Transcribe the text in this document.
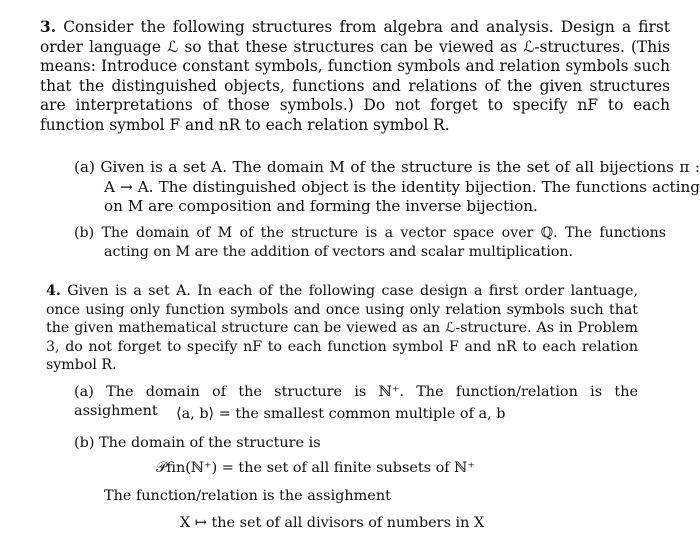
3. Consider the following structures from algebra and analysis. Design a first order language ℒ so that these structures can be viewed as ℒ-structures. (This means: Introduce constant symbols, function symbols and relation symbols such that the distinguished objects, functions and relations of the given structures are interpretations of those symbols.) Do not forget to specify nF to each function symbol F and nR to each relation symbol R.

(a) Given is a set A. The domain M of the structure is the set of all bijections π : A → A. The distinguished object is the identity bijection. The functions acting on M are composition and forming the inverse bijection.

(b) The domain of M of the structure is a vector space over ℚ. The functions acting on M are the addition of vectors and scalar multiplication.

4. Given is a set A. In each of the following case design a first order lantuage, once using only function symbols and once using only relation symbols such that the given mathematical structure can be viewed as an ℒ-structure. As in Problem 3, do not forget to specify nF to each function symbol F and nR to each relation symbol R.

(a) The domain of the structure is ℕ⁺. The function/relation is the assighment	⟨a, b⟩ = the smallest common multiple of a, b

(b) The domain of the structure is

𝒫fin(ℕ⁺) = the set of all finite subsets of ℕ⁺

The function/relation is the assighment

X ↦ the set of all divisors of numbers in X
